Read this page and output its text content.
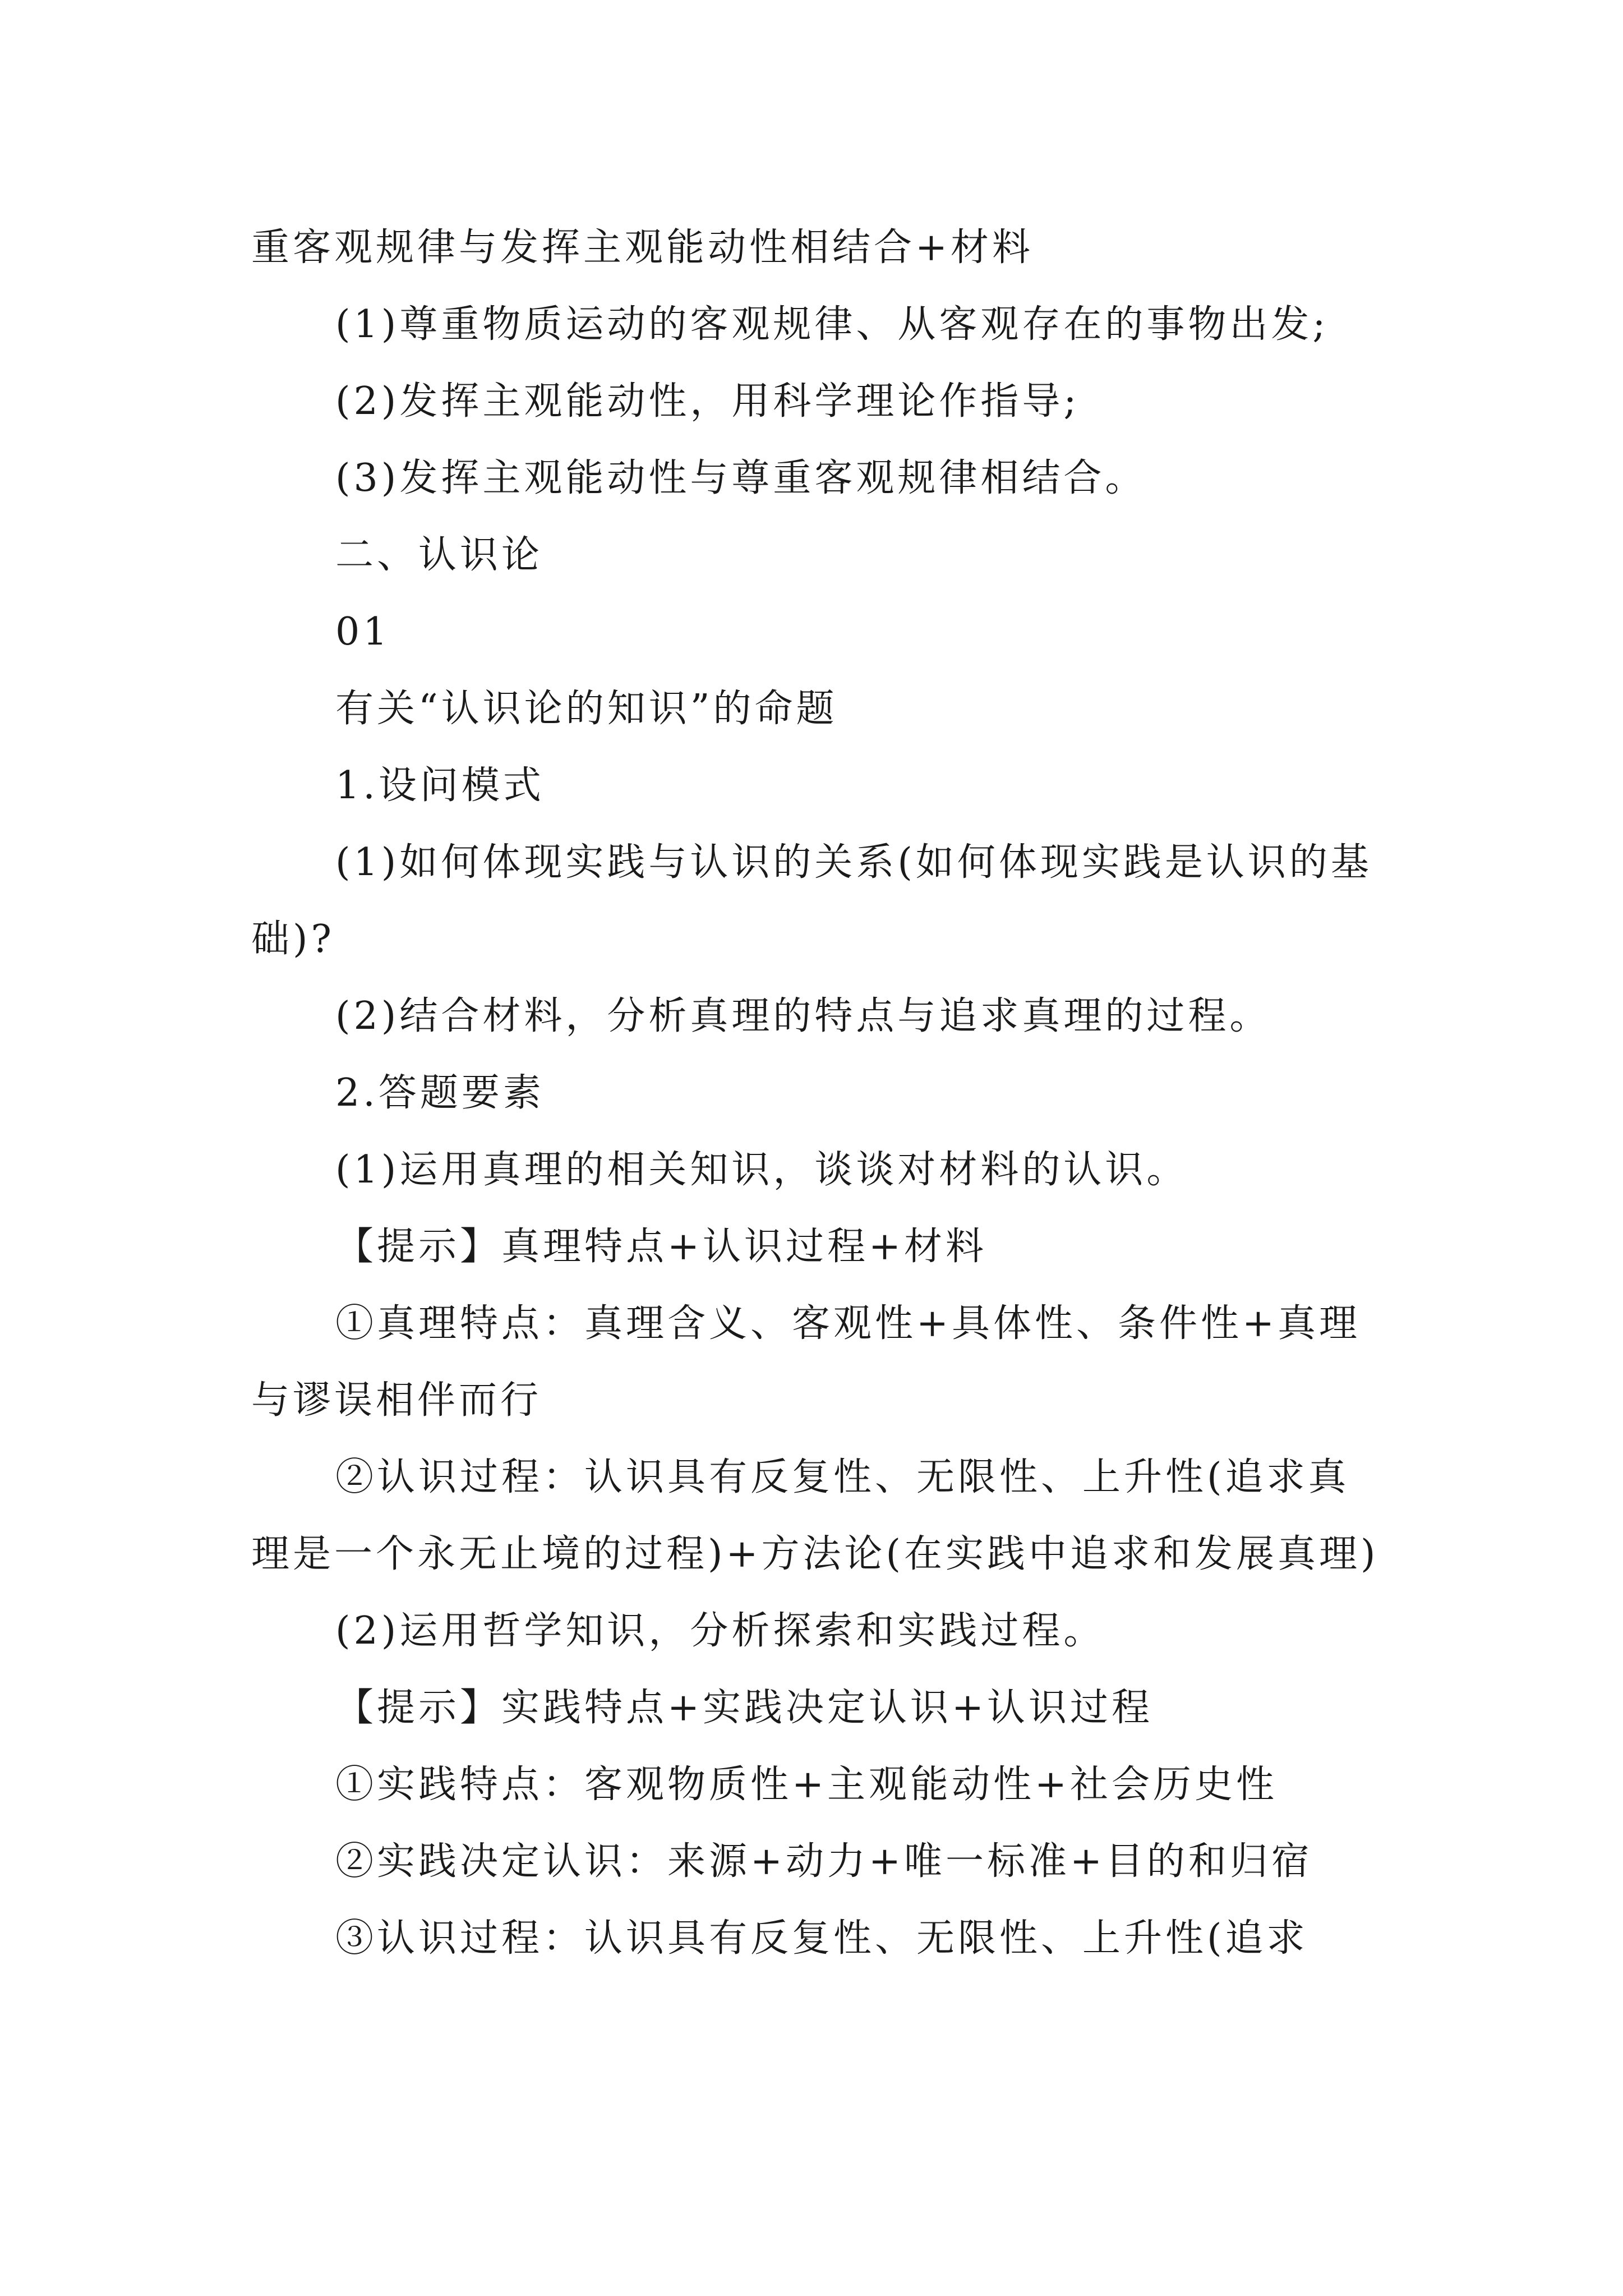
重客观规律与发挥主观能动性相结合+材料

(1)尊重物质运动的客观规律、从客观存在的事物出发;

(2)发挥主观能动性，用科学理论作指导;

(3)发挥主观能动性与尊重客观规律相结合。

二、认识论

01

有关“认识论的知识”的命题

1.设问模式

(1)如何体现实践与认识的关系(如何体现实践是认识的基础)?

(2)结合材料，分析真理的特点与追求真理的过程。

2.答题要素

(1)运用真理的相关知识，谈谈对材料的认识。

【提示】真理特点+认识过程+材料

①真理特点：真理含义、客观性+具体性、条件性+真理与谬误相伴而行

②认识过程：认识具有反复性、无限性、上升性(追求真理是一个永无止境的过程)+方法论(在实践中追求和发展真理)

(2)运用哲学知识，分析探索和实践过程。

【提示】实践特点+实践决定认识+认识过程

①实践特点：客观物质性+主观能动性+社会历史性

②实践决定认识：来源+动力+唯一标准+目的和归宿

③认识过程：认识具有反复性、无限性、上升性(追求
